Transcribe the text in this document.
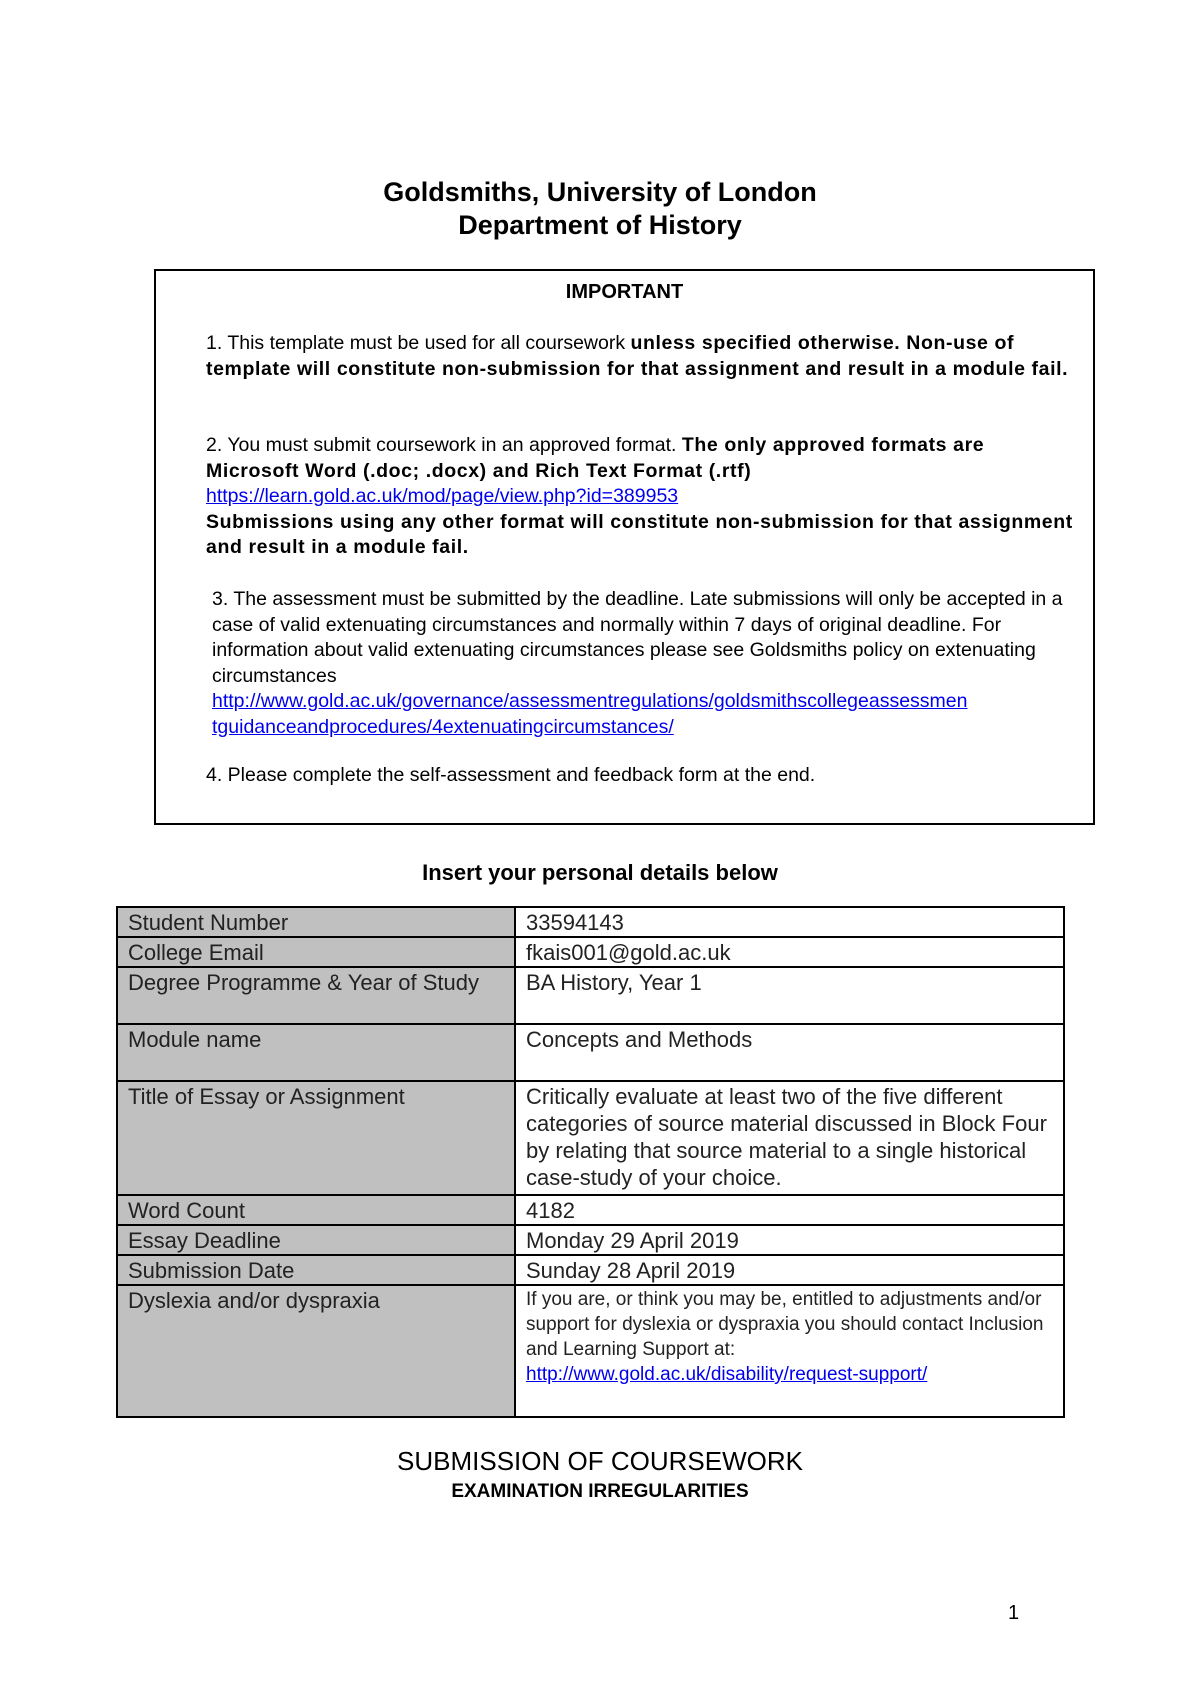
Goldsmiths, University of London
Department of History
IMPORTANT
1. This template must be used for all coursework unless specified otherwise. Non-use of template will constitute non-submission for that assignment and result in a module fail.
2. You must submit coursework in an approved format. The only approved formats are Microsoft Word (.doc; .docx) and Rich Text Format (.rtf)
https://learn.gold.ac.uk/mod/page/view.php?id=389953
Submissions using any other format will constitute non-submission for that assignment and result in a module fail.
3. The assessment must be submitted by the deadline. Late submissions will only be accepted in a case of valid extenuating circumstances and normally within 7 days of original deadline. For information about valid extenuating circumstances please see Goldsmiths policy on extenuating circumstances
http://www.gold.ac.uk/governance/assessmentregulations/goldsmithscollegeassessmen
tguidanceandprocedures/4extenuatingcircumstances/
4. Please complete the self-assessment and feedback form at the end.
Insert your personal details below
Student Number	33594143
College Email	fkais001@gold.ac.uk
Degree Programme & Year of Study	BA History, Year 1
Module name	Concepts and Methods
Title of Essay or Assignment	Critically evaluate at least two of the five different categories of source material discussed in Block Four by relating that source material to a single historical case-study of your choice.
Word Count	4182
Essay Deadline	Monday 29 April 2019
Submission Date	Sunday 28 April 2019
Dyslexia and/or dyspraxia	If you are, or think you may be, entitled to adjustments and/or support for dyslexia or dyspraxia you should contact Inclusion and Learning Support at:
http://www.gold.ac.uk/disability/request-support/
SUBMISSION OF COURSEWORK
EXAMINATION IRREGULARITIES
1
